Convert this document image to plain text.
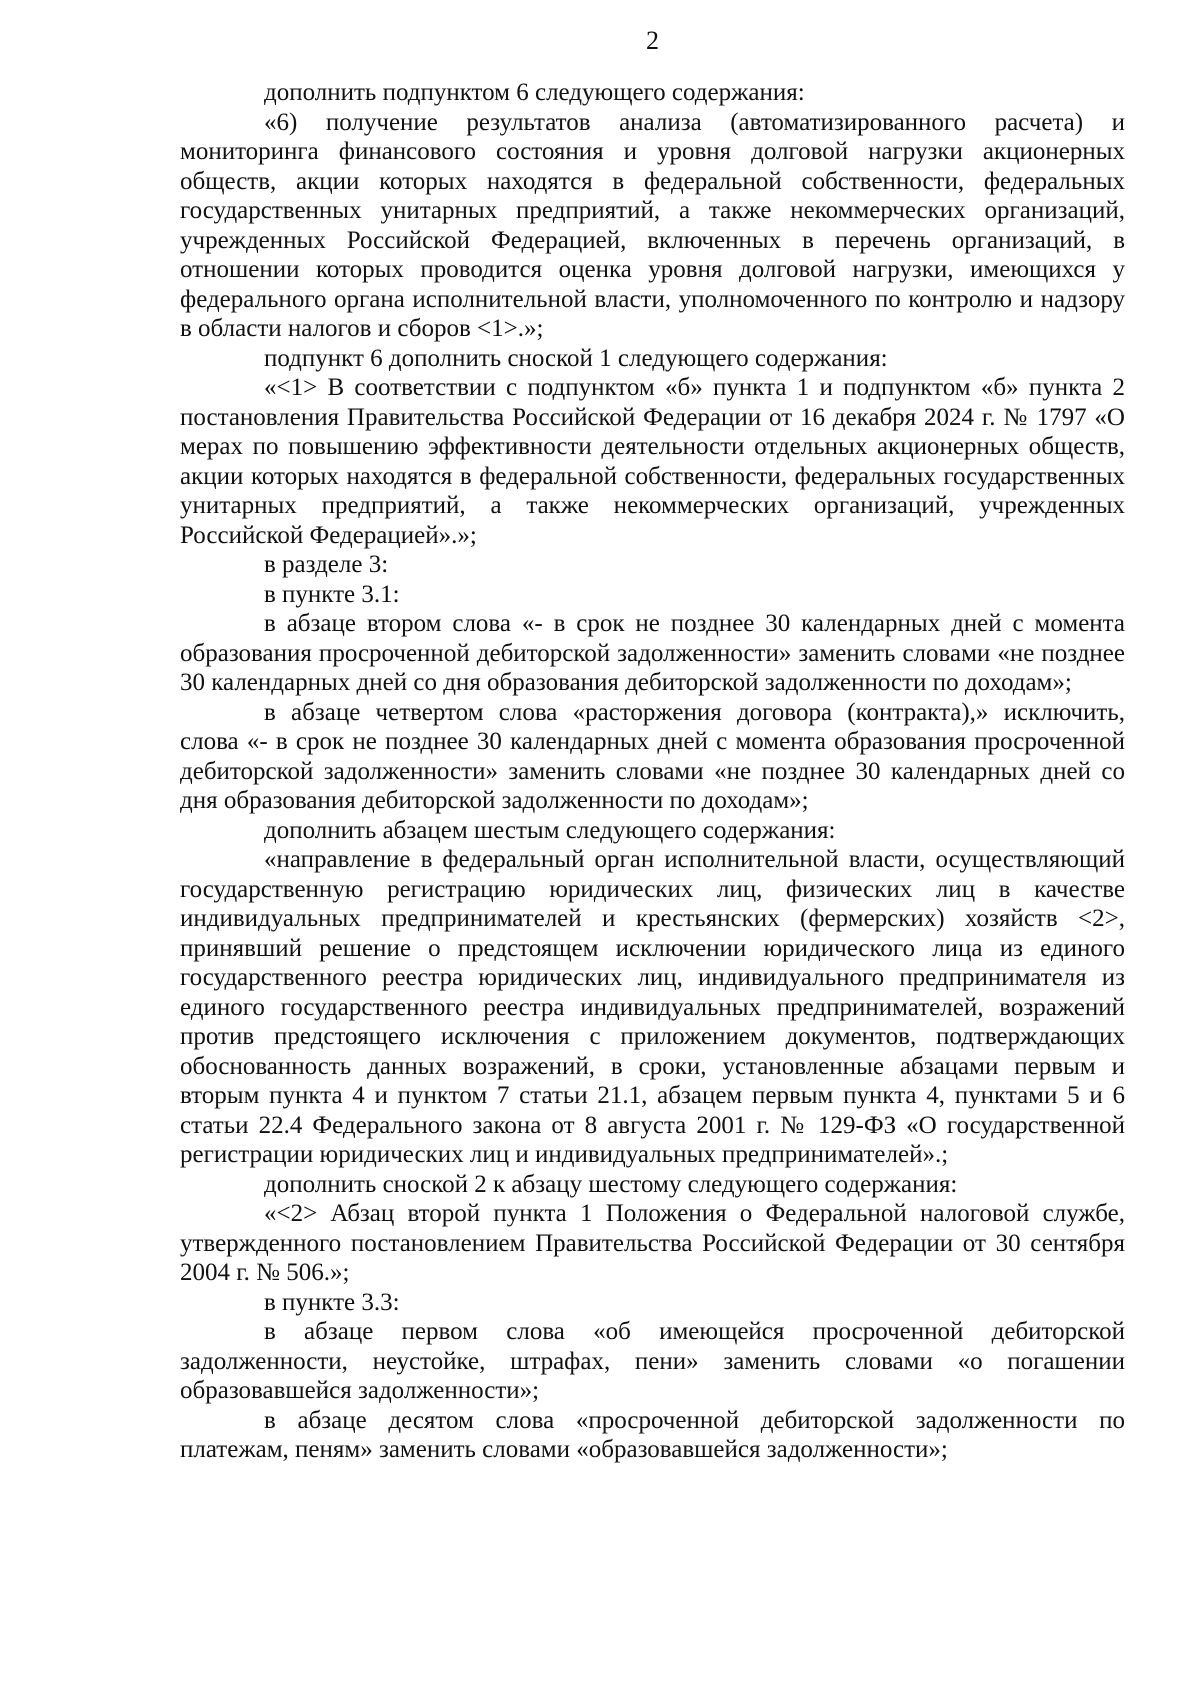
2

дополнить подпунктом 6 следующего содержания:

«6) получение результатов анализа (автоматизированного расчета) и мониторинга финансового состояния и уровня долговой нагрузки акционерных обществ, акции которых находятся в федеральной собственности, федеральных государственных унитарных предприятий, а также некоммерческих организаций, учрежденных Российской Федерацией, включенных в перечень организаций, в отношении которых проводится оценка уровня долговой нагрузки, имеющихся у федерального органа исполнительной власти, уполномоченного по контролю и надзору в области налогов и сборов <1>.»;

подпункт 6 дополнить сноской 1 следующего содержания:

«<1> В соответствии с подпунктом «б» пункта 1 и подпунктом «б» пункта 2 постановления Правительства Российской Федерации от 16 декабря 2024 г. № 1797 «О мерах по повышению эффективности деятельности отдельных акционерных обществ, акции которых находятся в федеральной собственности, федеральных государственных унитарных предприятий, а также некоммерческих организаций, учрежденных Российской Федерацией».»;

в разделе 3:

в пункте 3.1:

в абзаце втором слова «- в срок не позднее 30 календарных дней с момента образования просроченной дебиторской задолженности» заменить словами «не позднее 30 календарных дней со дня образования дебиторской задолженности по доходам»;

в абзаце четвертом слова «расторжения договора (контракта),» исключить, слова «- в срок не позднее 30 календарных дней с момента образования просроченной дебиторской задолженности» заменить словами «не позднее 30 календарных дней со дня образования дебиторской задолженности по доходам»;

дополнить абзацем шестым следующего содержания:

«направление в федеральный орган исполнительной власти, осуществляющий государственную регистрацию юридических лиц, физических лиц в качестве индивидуальных предпринимателей и крестьянских (фермерских) хозяйств <2>, принявший решение о предстоящем исключении юридического лица из единого государственного реестра юридических лиц, индивидуального предпринимателя из единого государственного реестра индивидуальных предпринимателей, возражений против предстоящего исключения с приложением документов, подтверждающих обоснованность данных возражений, в сроки, установленные абзацами первым и вторым пункта 4 и пунктом 7 статьи 21.1, абзацем первым пункта 4, пунктами 5 и 6 статьи 22.4 Федерального закона от 8 августа 2001 г. № 129-ФЗ «О государственной регистрации юридических лиц и индивидуальных предпринимателей».;

дополнить сноской 2 к абзацу шестому следующего содержания:

«<2> Абзац второй пункта 1 Положения о Федеральной налоговой службе, утвержденного постановлением Правительства Российской Федерации от 30 сентября 2004 г. № 506.»;

в пункте 3.3:

в абзаце первом слова «об имеющейся просроченной дебиторской задолженности, неустойке, штрафах, пени» заменить словами «о погашении образовавшейся задолженности»;

в абзаце десятом слова «просроченной дебиторской задолженности по платежам, пеням» заменить словами «образовавшейся задолженности»;
